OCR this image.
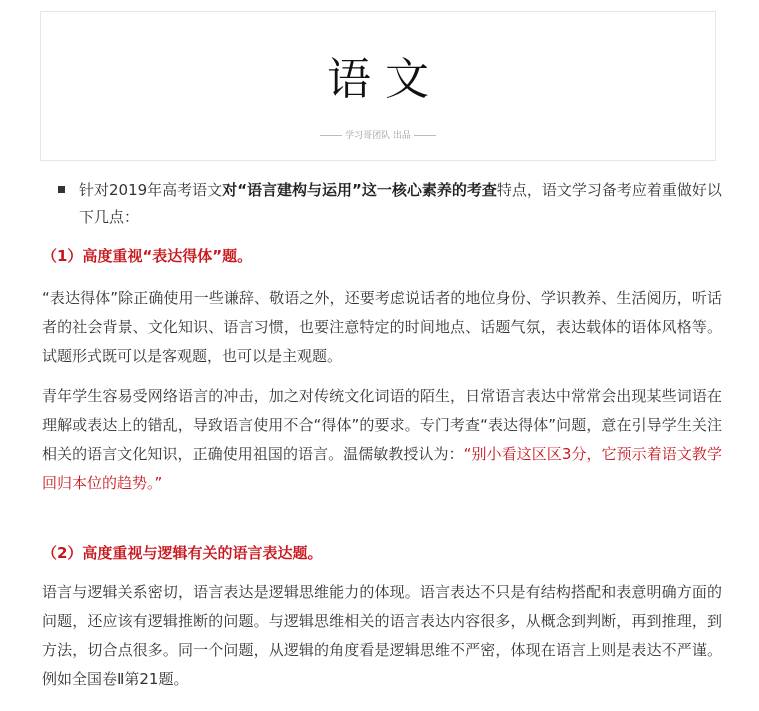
语文
学习哥团队 出品
针对2019年高考语文对“语言建构与运用”这一核心素养的考查特点，语文学习备考应着重做好以下几点：
（1）高度重视“表达得体”题。
“表达得体”除正确使用一些谦辞、敬语之外，还要考虑说话者的地位身份、学识教养、生活阅历，听话者的社会背景、文化知识、语言习惯，也要注意特定的时间地点、话题气氛，表达载体的语体风格等。试题形式既可以是客观题，也可以是主观题。
青年学生容易受网络语言的冲击，加之对传统文化词语的陌生，日常语言表达中常常会出现某些词语在理解或表达上的错乱，导致语言使用不合“得体”的要求。专门考查“表达得体”问题，意在引导学生关注相关的语言文化知识，正确使用祖国的语言。温儒敏教授认为：“别小看这区区3分，它预示着语文教学回归本位的趋势。”
（2）高度重视与逻辑有关的语言表达题。
语言与逻辑关系密切，语言表达是逻辑思维能力的体现。语言表达不只是有结构搭配和表意明确方面的问题，还应该有逻辑推断的问题。与逻辑思维相关的语言表达内容很多，从概念到判断，再到推理，到方法，切合点很多。同一个问题，从逻辑的角度看是逻辑思维不严密，体现在语言上则是表达不严谨。例如全国卷Ⅱ第21题。
